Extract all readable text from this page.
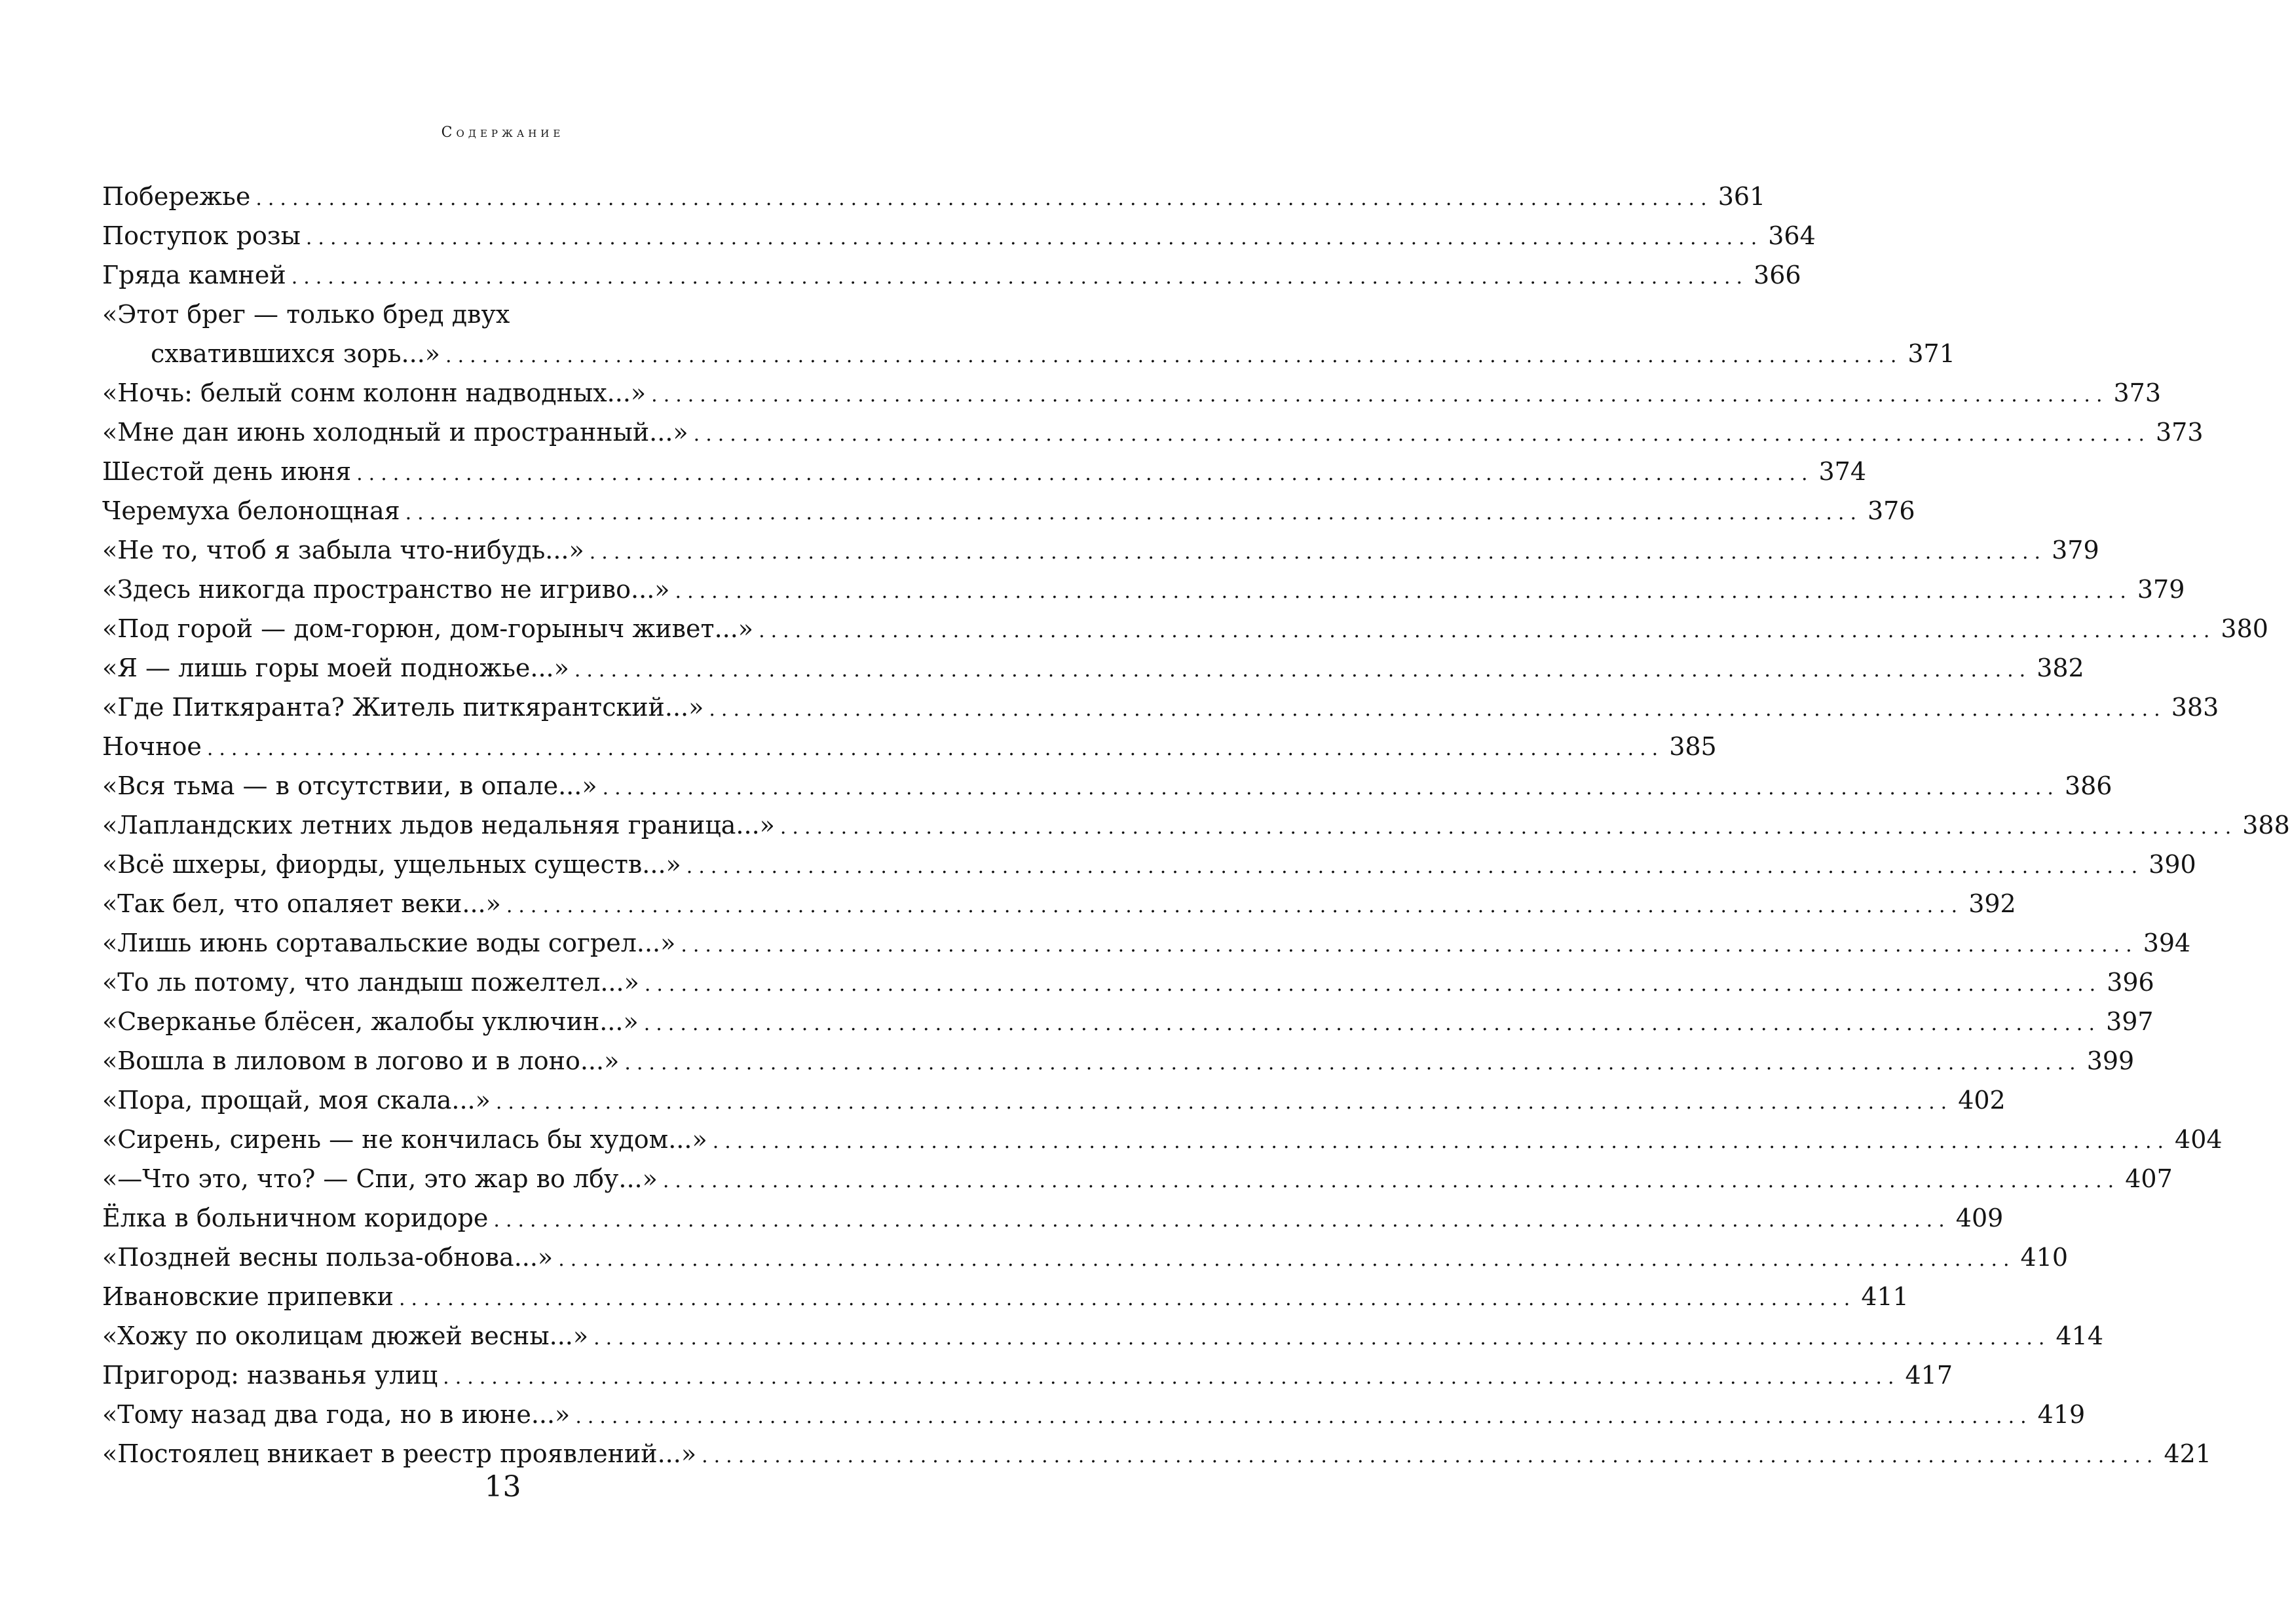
Содержание
Побережье ........................................................................................................................ 361
Поступок розы ........................................................................................................................ 364
Гряда камней ........................................................................................................................ 366
«Этот брег — только бред двух
схватившихся зорь...» ........................................................................................................................ 371
«Ночь: белый сонм колонн надводных...» ........................................................................................................................ 373
«Мне дан июнь холодный и пространный...» ........................................................................................................................ 373
Шестой день июня ........................................................................................................................ 374
Черемуха белонощная ........................................................................................................................ 376
«Не то, чтоб я забыла что-нибудь...» ........................................................................................................................ 379
«Здесь никогда пространство не игриво...» ........................................................................................................................ 379
«Под горой — дом-горюн, дом-горыныч живет...» ........................................................................................................................ 380
«Я — лишь горы моей подножье...» ........................................................................................................................ 382
«Где Питкяранта? Житель питкярантский...» ........................................................................................................................ 383
Ночное ........................................................................................................................ 385
«Вся тьма — в отсутствии, в опале...» ........................................................................................................................ 386
«Лапландских летних льдов недальняя граница...» ........................................................................................................................ 388
«Всё шхеры, фиорды, ущельных существ...» ........................................................................................................................ 390
«Так бел, что опаляет веки...» ........................................................................................................................ 392
«Лишь июнь сортавальские воды согрел...» ........................................................................................................................ 394
«То ль потому, что ландыш пожелтел...» ........................................................................................................................ 396
«Сверканье блёсен, жалобы уключин...» ........................................................................................................................ 397
«Вошла в лиловом в логово и в лоно...» ........................................................................................................................ 399
«Пора, прощай, моя скала...» ........................................................................................................................ 402
«Сирень, сирень — не кончилась бы худом...» ........................................................................................................................ 404
«—Что это, что? — Спи, это жар во лбу...» ........................................................................................................................ 407
Ёлка в больничном коридоре ........................................................................................................................ 409
«Поздней весны польза-обнова...» ........................................................................................................................ 410
Ивановские припевки ........................................................................................................................ 411
«Хожу по околицам дюжей весны...» ........................................................................................................................ 414
Пригород: названья улиц ........................................................................................................................ 417
«Тому назад два года, но в июне...» ........................................................................................................................ 419
«Постоялец вникает в реестр проявлений...» ........................................................................................................................ 421
13
